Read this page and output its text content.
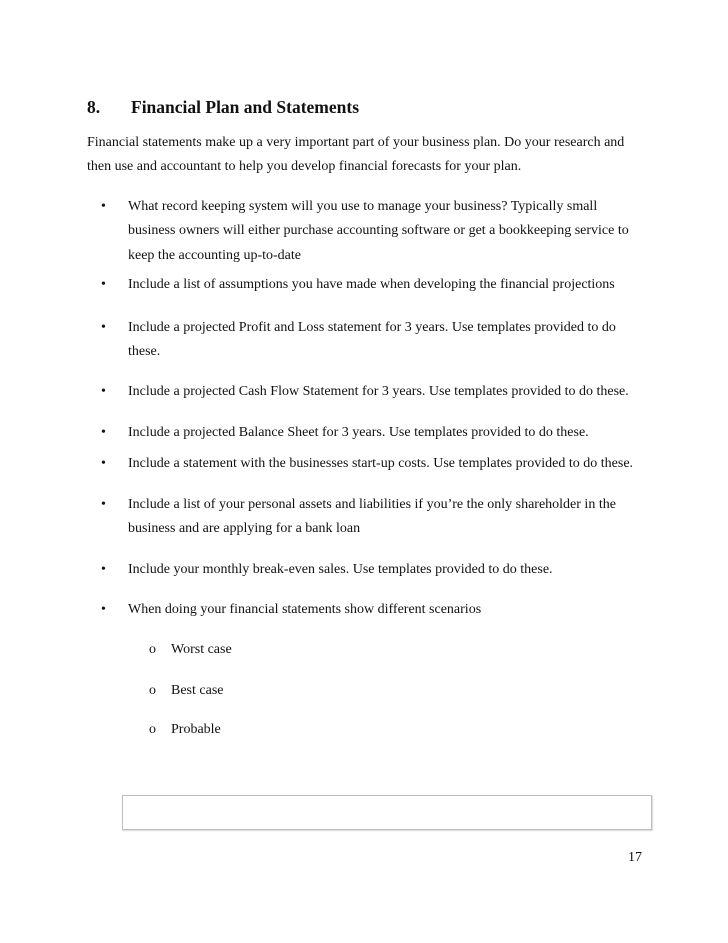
8. Financial Plan and Statements
Financial statements make up a very important part of your business plan. Do your research and
then use and accountant to help you develop financial forecasts for your plan.
• What record keeping system will you use to manage your business? Typically small
business owners will either purchase accounting software or get a bookkeeping service to
keep the accounting up-to-date
• Include a list of assumptions you have made when developing the financial projections
• Include a projected Profit and Loss statement for 3 years. Use templates provided to do
these.
• Include a projected Cash Flow Statement for 3 years. Use templates provided to do these.
• Include a projected Balance Sheet for 3 years. Use templates provided to do these.
• Include a statement with the businesses start-up costs. Use templates provided to do these.
• Include a list of your personal assets and liabilities if you’re the only shareholder in the
business and are applying for a bank loan
• Include your monthly break-even sales. Use templates provided to do these.
• When doing your financial statements show different scenarios
o Worst case
o Best case
o Probable
17
